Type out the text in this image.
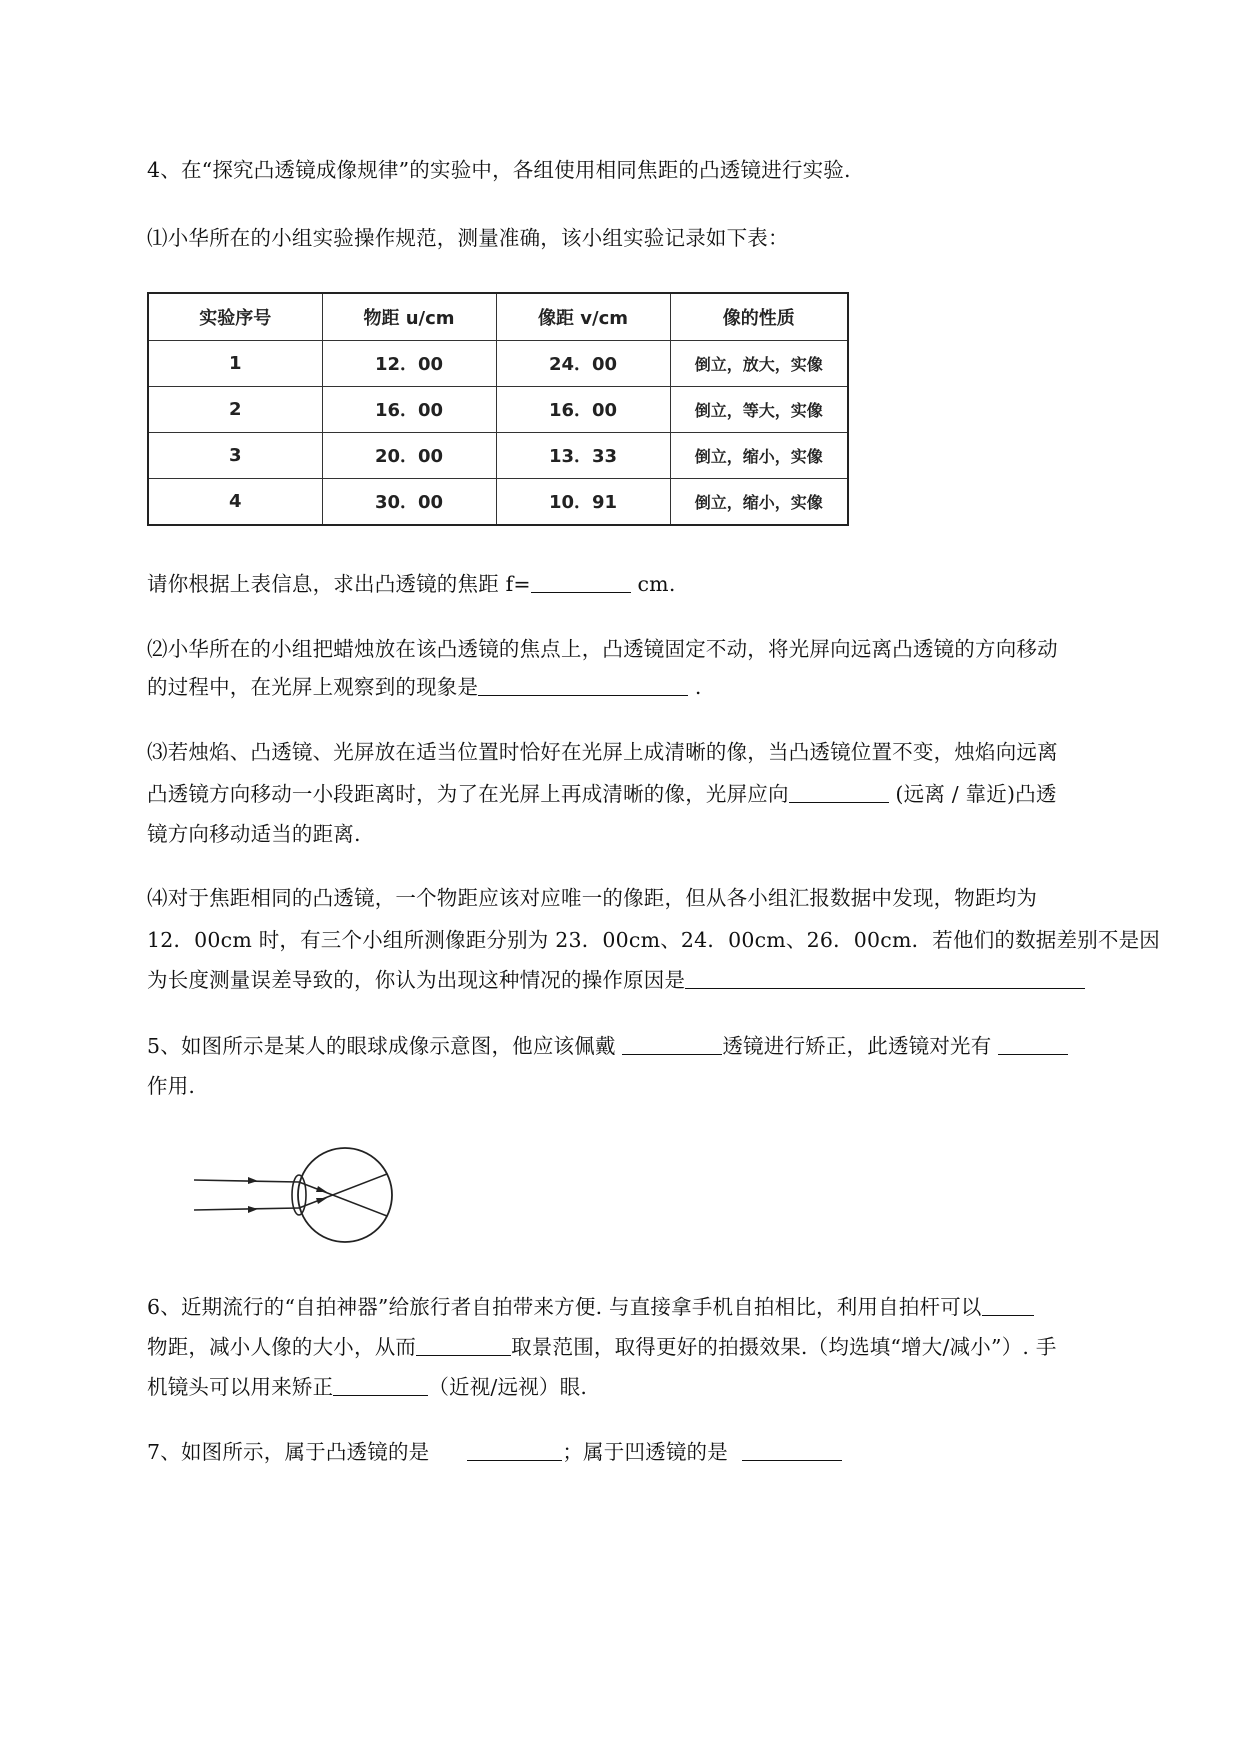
4、在“探究凸透镜成像规律”的实验中，各组使用相同焦距的凸透镜进行实验.
⑴小华所在的小组实验操作规范，测量准确，该小组实验记录如下表：
实验序号	物距 u/cm	像距 v/cm	像的性质
1	12．00	24．00	倒立，放大，实像
2	16．00	16．00	倒立，等大，实像
3	20．00	13．33	倒立，缩小，实像
4	30．00	10．91	倒立，缩小，实像
请你根据上表信息，求出凸透镜的焦距 f=	cm.
⑵小华所在的小组把蜡烛放在该凸透镜的焦点上，凸透镜固定不动，将光屏向远离凸透镜的方向移动
的过程中，在光屏上观察到的现象是	.
⑶若烛焰、凸透镜、光屏放在适当位置时恰好在光屏上成清晰的像，当凸透镜位置不变，烛焰向远离
凸透镜方向移动一小段距离时，为了在光屏上再成清晰的像，光屏应向	(远离 / 靠近)凸透
镜方向移动适当的距离.
⑷对于焦距相同的凸透镜，一个物距应该对应唯一的像距，但从各小组汇报数据中发现，物距均为
12．00cm 时，有三个小组所测像距分别为 23．00cm、24．00cm、26．00cm．若他们的数据差别不是因
为长度测量误差导致的，你认为出现这种情况的操作原因是
5、如图所示是某人的眼球成像示意图，他应该佩戴	透镜进行矫正，此透镜对光有
作用.
6、近期流行的“自拍神器”给旅行者自拍带来方便. 与直接拿手机自拍相比，利用自拍杆可以
物距，减小人像的大小，从而	取景范围，取得更好的拍摄效果.（均选填“增大/减小”）. 手
机镜头可以用来矫正	（近视/远视）眼.
7、如图所示，属于凸透镜的是	；属于凹透镜的是
